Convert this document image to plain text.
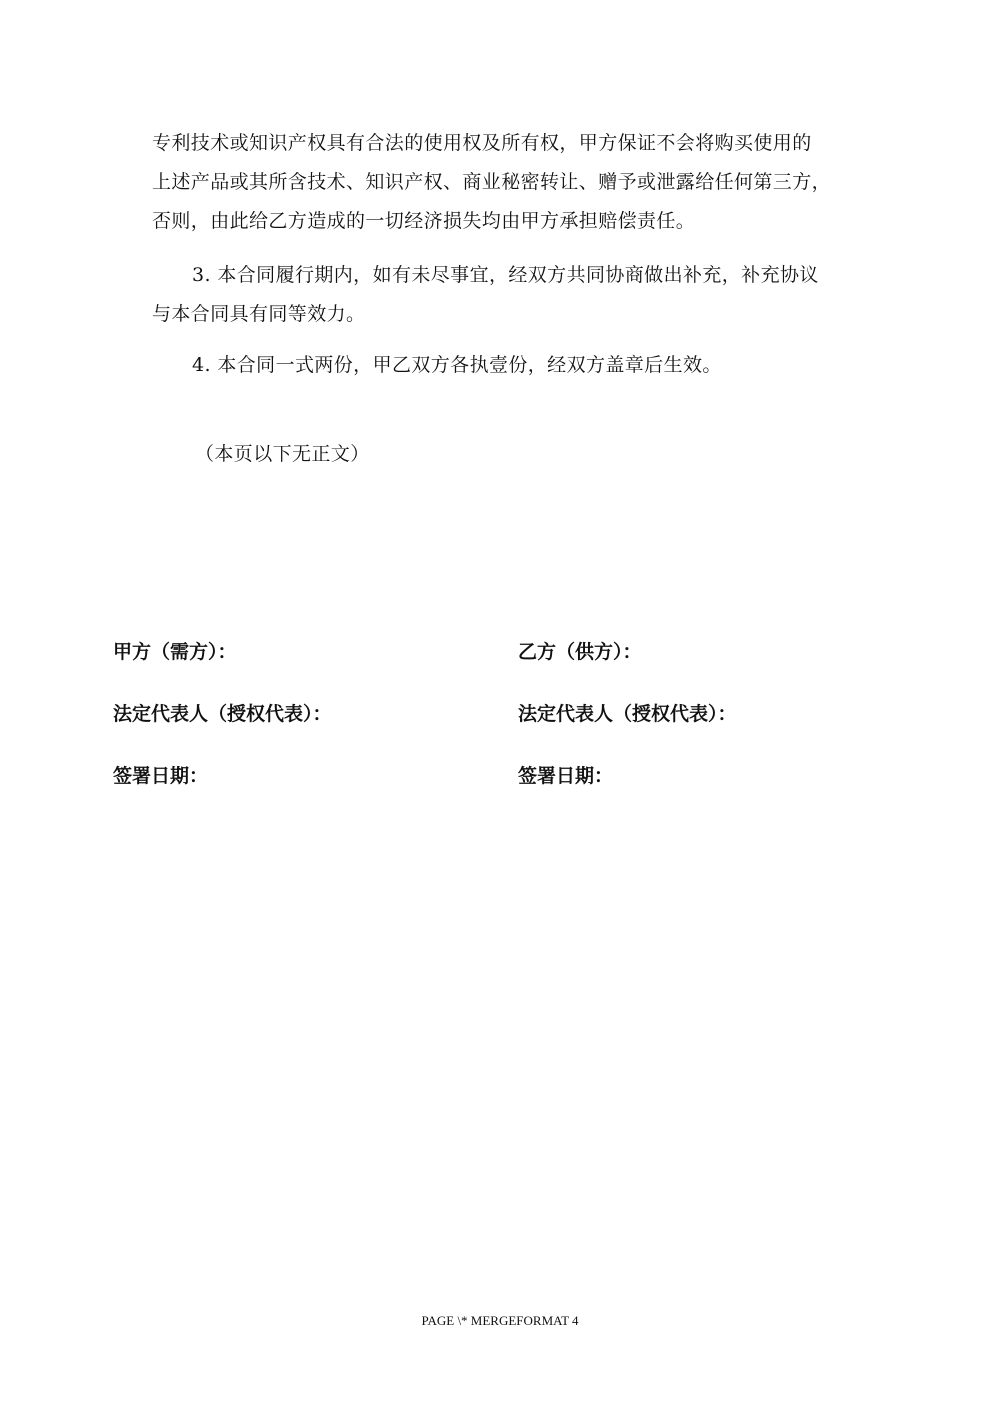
专利技术或知识产权具有合法的使用权及所有权，甲方保证不会将购买使用的
上述产品或其所含技术、知识产权、商业秘密转让、赠予或泄露给任何第三方，
否则，由此给乙方造成的一切经济损失均由甲方承担赔偿责任。

3. 本合同履行期内，如有未尽事宜，经双方共同协商做出补充，补充协议
与本合同具有同等效力。

4. 本合同一式两份，甲乙双方各执壹份，经双方盖章后生效。

（本页以下无正文）
甲方（需方）：	乙方（供方）：
法定代表人（授权代表）：	法定代表人（授权代表）：
签署日期：	签署日期：
PAGE \* MERGEFORMAT 4
